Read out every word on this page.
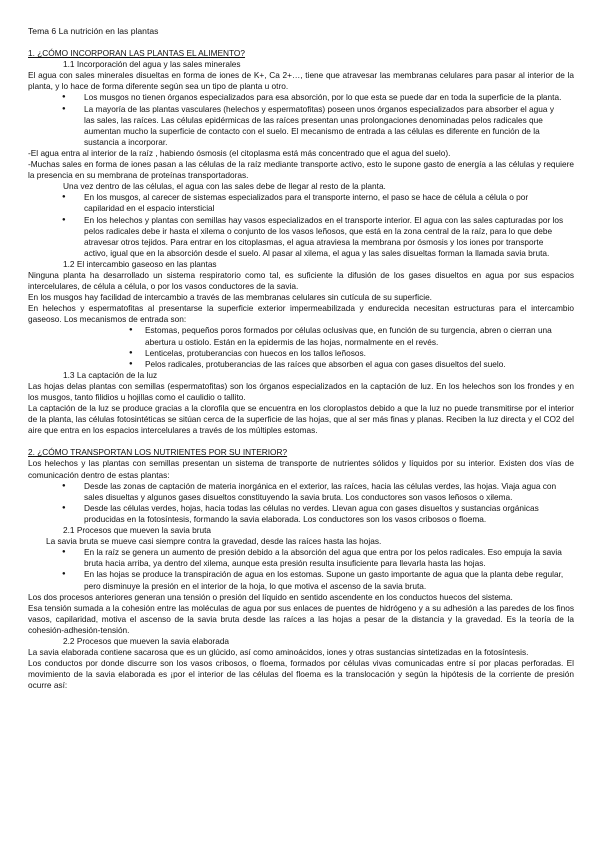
Tema 6 La nutrición en las plantas
1. ¿CÓMO INCORPORAN LAS PLANTAS EL ALIMENTO?
1.1 Incorporación del agua y las sales minerales
El agua con sales minerales disueltas en forma de iones de K+, Ca 2+…, tiene que atravesar las membranas celulares para pasar al interior de la planta, y lo hace de forma diferente según sea un tipo de planta u otro.
● Los musgos no tienen órganos especializados para esa absorción, por lo que esta se puede dar en toda la superficie de la planta.
● La mayoría de las plantas vasculares (helechos y espermatofitas) poseen unos órganos especializados para absorber el agua y las sales, las raíces. Las células epidérmicas de las raíces presentan unas prolongaciones denominadas pelos radicales que aumentan mucho la superficie de contacto con el suelo. El mecanismo de entrada a las células es diferente en función de la sustancia a incorporar.
-El agua entra al interior de la raíz , habiendo ósmosis (el citoplasma está más concentrado que el agua del suelo).
-Muchas sales en forma de iones pasan a las células de la raíz mediante transporte activo, esto le supone gasto de energía a las células y requiere la presencia en su membrana de proteínas transportadoras.
Una vez dentro de las células, el agua con las sales debe de llegar al resto de la planta.
● En los musgos, al carecer de sistemas especializados para el transporte interno, el paso se hace de célula a célula o por capilaridad en el espacio intersticial
● En los helechos y plantas con semillas hay vasos especializados en el transporte interior. El agua con las sales capturadas por los pelos radicales debe ir hasta el xilema o conjunto de los vasos leñosos, que está en la zona central de la raíz, para lo que debe atravesar otros tejidos. Para entrar en los citoplasmas, el agua atraviesa la membrana por ósmosis y los iones por transporte activo, igual que en la absorción desde el suelo. Al pasar al xilema, el agua y las sales disueltas forman la llamada savia bruta.
1.2 El intercambio gaseoso en las plantas
Ninguna planta ha desarrollado un sistema respiratorio como tal, es suficiente la difusión de los gases disueltos en agua por sus espacios intercelulares, de célula a célula, o por los vasos conductores de la savia.
En los musgos hay facilidad de intercambio a través de las membranas celulares sin cutícula de su superficie.
En helechos y espermatofitas al presentarse la superficie exterior impermeabilizada y endurecida necesitan estructuras para el intercambio gaseoso. Los mecanismos de entrada son:
● Estomas, pequeños poros formados por células oclusivas que, en función de su turgencia, abren o cierran una abertura u ostiolo. Están en la epidermis de las hojas, normalmente en el revés.
● Lenticelas, protuberancias con huecos en los tallos leñosos.
● Pelos radicales, protuberancias de las raíces que absorben el agua con gases disueltos del suelo.
1.3 La captación de la luz
Las hojas delas plantas con semillas (espermatofitas) son los órganos especializados en la captación de luz. En los helechos son los frondes y en los musgos, tanto filidios u hojillas como el caulidio o tallito.
La captación de la luz se produce gracias a la clorofila que se encuentra en los cloroplastos debido a que la luz no puede transmitirse por el interior de la planta, las células fotosintéticas se sitúan cerca de la superficie de las hojas, que al ser más finas y planas. Reciben la luz directa y el CO2 del aire que entra en los espacios intercelulares a través de los múltiples estomas.
2. ¿CÓMO TRANSPORTAN LOS NUTRIENTES POR SU INTERIOR?
Los helechos y las plantas con semillas presentan un sistema de transporte de nutrientes sólidos y líquidos por su interior. Existen dos vías de comunicación dentro de estas plantas:
● Desde las zonas de captación de materia inorgánica en el exterior, las raíces, hacia las células verdes, las hojas. Viaja agua con sales disueltas y algunos gases disueltos constituyendo la savia bruta. Los conductores son vasos leñosos o xilema.
● Desde las células verdes, hojas, hacia todas las células no verdes. Llevan agua con gases disueltos y sustancias orgánicas producidas en la fotosíntesis, formando la savia elaborada. Los conductores son los vasos cribosos o floema.
2.1 Procesos que mueven la savia bruta
La savia bruta se mueve casi siempre contra la gravedad, desde las raíces hasta las hojas.
● En la raíz se genera un aumento de presión debido a la absorción del agua que entra por los pelos radicales. Eso empuja la savia bruta hacia arriba, ya dentro del xilema, aunque esta presión resulta insuficiente para llevarla hasta las hojas.
● En las hojas se produce la transpiración de agua en los estomas. Supone un gasto importante de agua que la planta debe regular, pero disminuye la presión en el interior de la hoja, lo que motiva el ascenso de la savia bruta.
Los dos procesos anteriores generan una tensión o presión del líquido en sentido ascendente en los conductos huecos del sistema.
Esa tensión sumada a la cohesión entre las moléculas de agua por sus enlaces de puentes de hidrógeno y a su adhesión a las paredes de los finos vasos, capilaridad, motiva el ascenso de la savia bruta desde las raíces a las hojas a pesar de la distancia y la gravedad. Es la teoría de la cohesión-adhesión-tensión.
2.2 Procesos que mueven la savia elaborada
La savia elaborada contiene sacarosa que es un glúcido, así como aminoácidos, iones y otras sustancias sintetizadas en la fotosíntesis.
Los conductos por donde discurre son los vasos cribosos, o floema, formados por células vivas comunicadas entre sí por placas perforadas. El movimiento de la savia elaborada es ¡por el interior de las células del floema es la translocación y según la hipótesis de la corriente de presión ocurre así:
